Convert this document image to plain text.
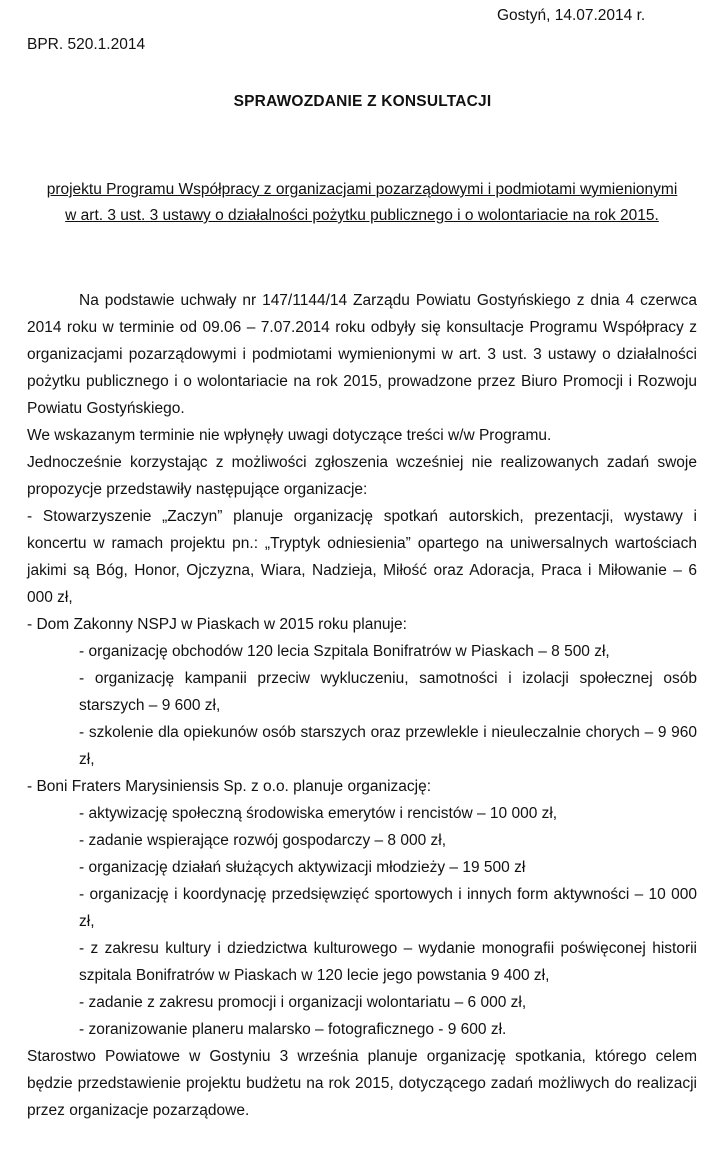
Gostyń, 14.07.2014 r.
BPR. 520.1.2014
SPRAWOZDANIE Z KONSULTACJI
projektu Programu Współpracy z organizacjami pozarządowymi i podmiotami wymienionymi
w art. 3 ust. 3 ustawy o działalności pożytku publicznego i o wolontariacie na rok 2015.

Na podstawie uchwały nr 147/1144/14 Zarządu Powiatu Gostyńskiego z dnia 4 czerwca 2014 roku w terminie od 09.06 – 7.07.2014 roku odbyły się konsultacje Programu Współpracy z organizacjami pozarządowymi i podmiotami wymienionymi w art. 3 ust. 3 ustawy o działalności pożytku publicznego i o wolontariacie na rok 2015, prowadzone przez Biuro Promocji i Rozwoju Powiatu Gostyńskiego.

We wskazanym terminie nie wpłynęły uwagi dotyczące treści w/w Programu.

Jednocześnie korzystając z możliwości zgłoszenia wcześniej nie realizowanych zadań swoje propozycje przedstawiły następujące organizacje:

- Stowarzyszenie „Zaczyn” planuje organizację spotkań autorskich, prezentacji, wystawy i koncertu w ramach projektu pn.: „Tryptyk odniesienia” opartego na uniwersalnych wartościach jakimi są Bóg, Honor, Ojczyzna, Wiara, Nadzieja, Miłość oraz Adoracja, Praca i Miłowanie – 6 000 zł,

- Dom Zakonny NSPJ w Piaskach w 2015 roku planuje:

- organizację obchodów 120 lecia Szpitala Bonifratrów w Piaskach – 8 500 zł,

- organizację kampanii przeciw wykluczeniu, samotności i izolacji społecznej osób starszych – 9 600 zł,

- szkolenie dla opiekunów osób starszych oraz przewlekle i nieuleczalnie chorych – 9 960 zł,

- Boni Fraters Marysiniensis Sp. z o.o. planuje organizację:

- aktywizację społeczną środowiska emerytów i rencistów – 10 000 zł,

- zadanie wspierające rozwój gospodarczy – 8 000 zł,

- organizację działań służących aktywizacji młodzieży – 19 500 zł

- organizację i koordynację przedsięwzięć sportowych i innych form aktywności – 10 000 zł,

- z zakresu kultury i dziedzictwa kulturowego – wydanie monografii poświęconej historii szpitala Bonifratrów w Piaskach w 120 lecie jego powstania 9 400 zł,

- zadanie z zakresu promocji i organizacji wolontariatu – 6 000 zł,

- zoranizowanie planeru malarsko – fotograficznego - 9 600 zł.

Starostwo Powiatowe w Gostyniu 3 września planuje organizację spotkania, którego celem będzie przedstawienie projektu budżetu na rok 2015, dotyczącego zadań możliwych do realizacji przez organizacje pozarządowe.
